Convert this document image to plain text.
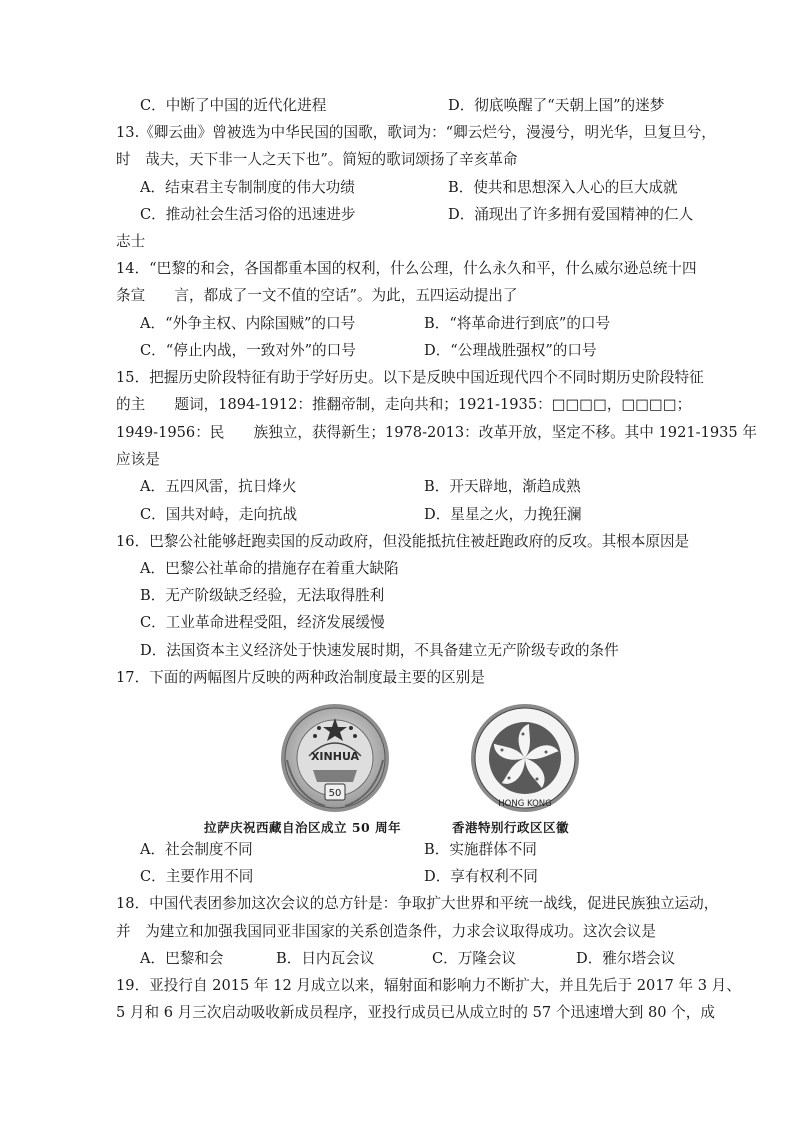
C．中断了中国的近代化进程	D．彻底唤醒了“天朝上国”的迷梦
13.《卿云曲》曾被选为中华民国的国歌，歌词为：“卿云烂兮，漫漫兮，明光华，旦复旦兮，
时　哉夫，天下非一人之天下也”。简短的歌词颂扬了辛亥革命
A．结束君主专制制度的伟大功绩	B．使共和思想深入人心的巨大成就
C．推动社会生活习俗的迅速进步	D．涌现出了许多拥有爱国精神的仁人
志士
14．“巴黎的和会，各国都重本国的权利，什么公理，什么永久和平，什么威尔逊总统十四
条宣　　言，都成了一文不值的空话”。为此，五四运动提出了
A．“外争主权、内除国贼”的口号	B．“将革命进行到底”的口号
C．“停止内战，一致对外”的口号	D．“公理战胜强权”的口号
15．把握历史阶段特征有助于学好历史。以下是反映中国近现代四个不同时期历史阶段特征
的主　　题词，1894-1912：推翻帝制，走向共和；1921-1935：□□□□，□□□□；
1949-1956：民　　族独立，获得新生；1978-2013：改革开放，坚定不移。其中 1921-1935 年
应该是
A．五四风雷，抗日烽火	B．开天辟地，渐趋成熟
C．国共对峙，走向抗战	D．星星之火，力挽狂澜
16．巴黎公社能够赶跑卖国的反动政府，但没能抵抗住被赶跑政府的反攻。其根本原因是
A．巴黎公社革命的措施存在着重大缺陷
B．无产阶级缺乏经验，无法取得胜利
C．工业革命进程受阻，经济发展缓慢
D．法国资本主义经济处于快速发展时期，不具备建立无产阶级专政的条件
17．下面的两幅图片反映的两种政治制度最主要的区别是
XINHUA
50
拉萨庆祝西藏自治区成立 50 周年
HONG KONG
香港特别行政区区徽
A．社会制度不同	B．实施群体不同
C．主要作用不同	D．享有权利不同
18．中国代表团参加这次会议的总方针是：争取扩大世界和平统一战线，促进民族独立运动，
并　为建立和加强我国同亚非国家的关系创造条件，力求会议取得成功。这次会议是
A．巴黎和会	B．日内瓦会议	C．万隆会议	D．雅尔塔会议
19．亚投行自 2015 年 12 月成立以来，辐射面和影响力不断扩大，并且先后于 2017 年 3 月、
5 月和 6 月三次启动吸收新成员程序，亚投行成员已从成立时的 57 个迅速增大到 80 个，成
